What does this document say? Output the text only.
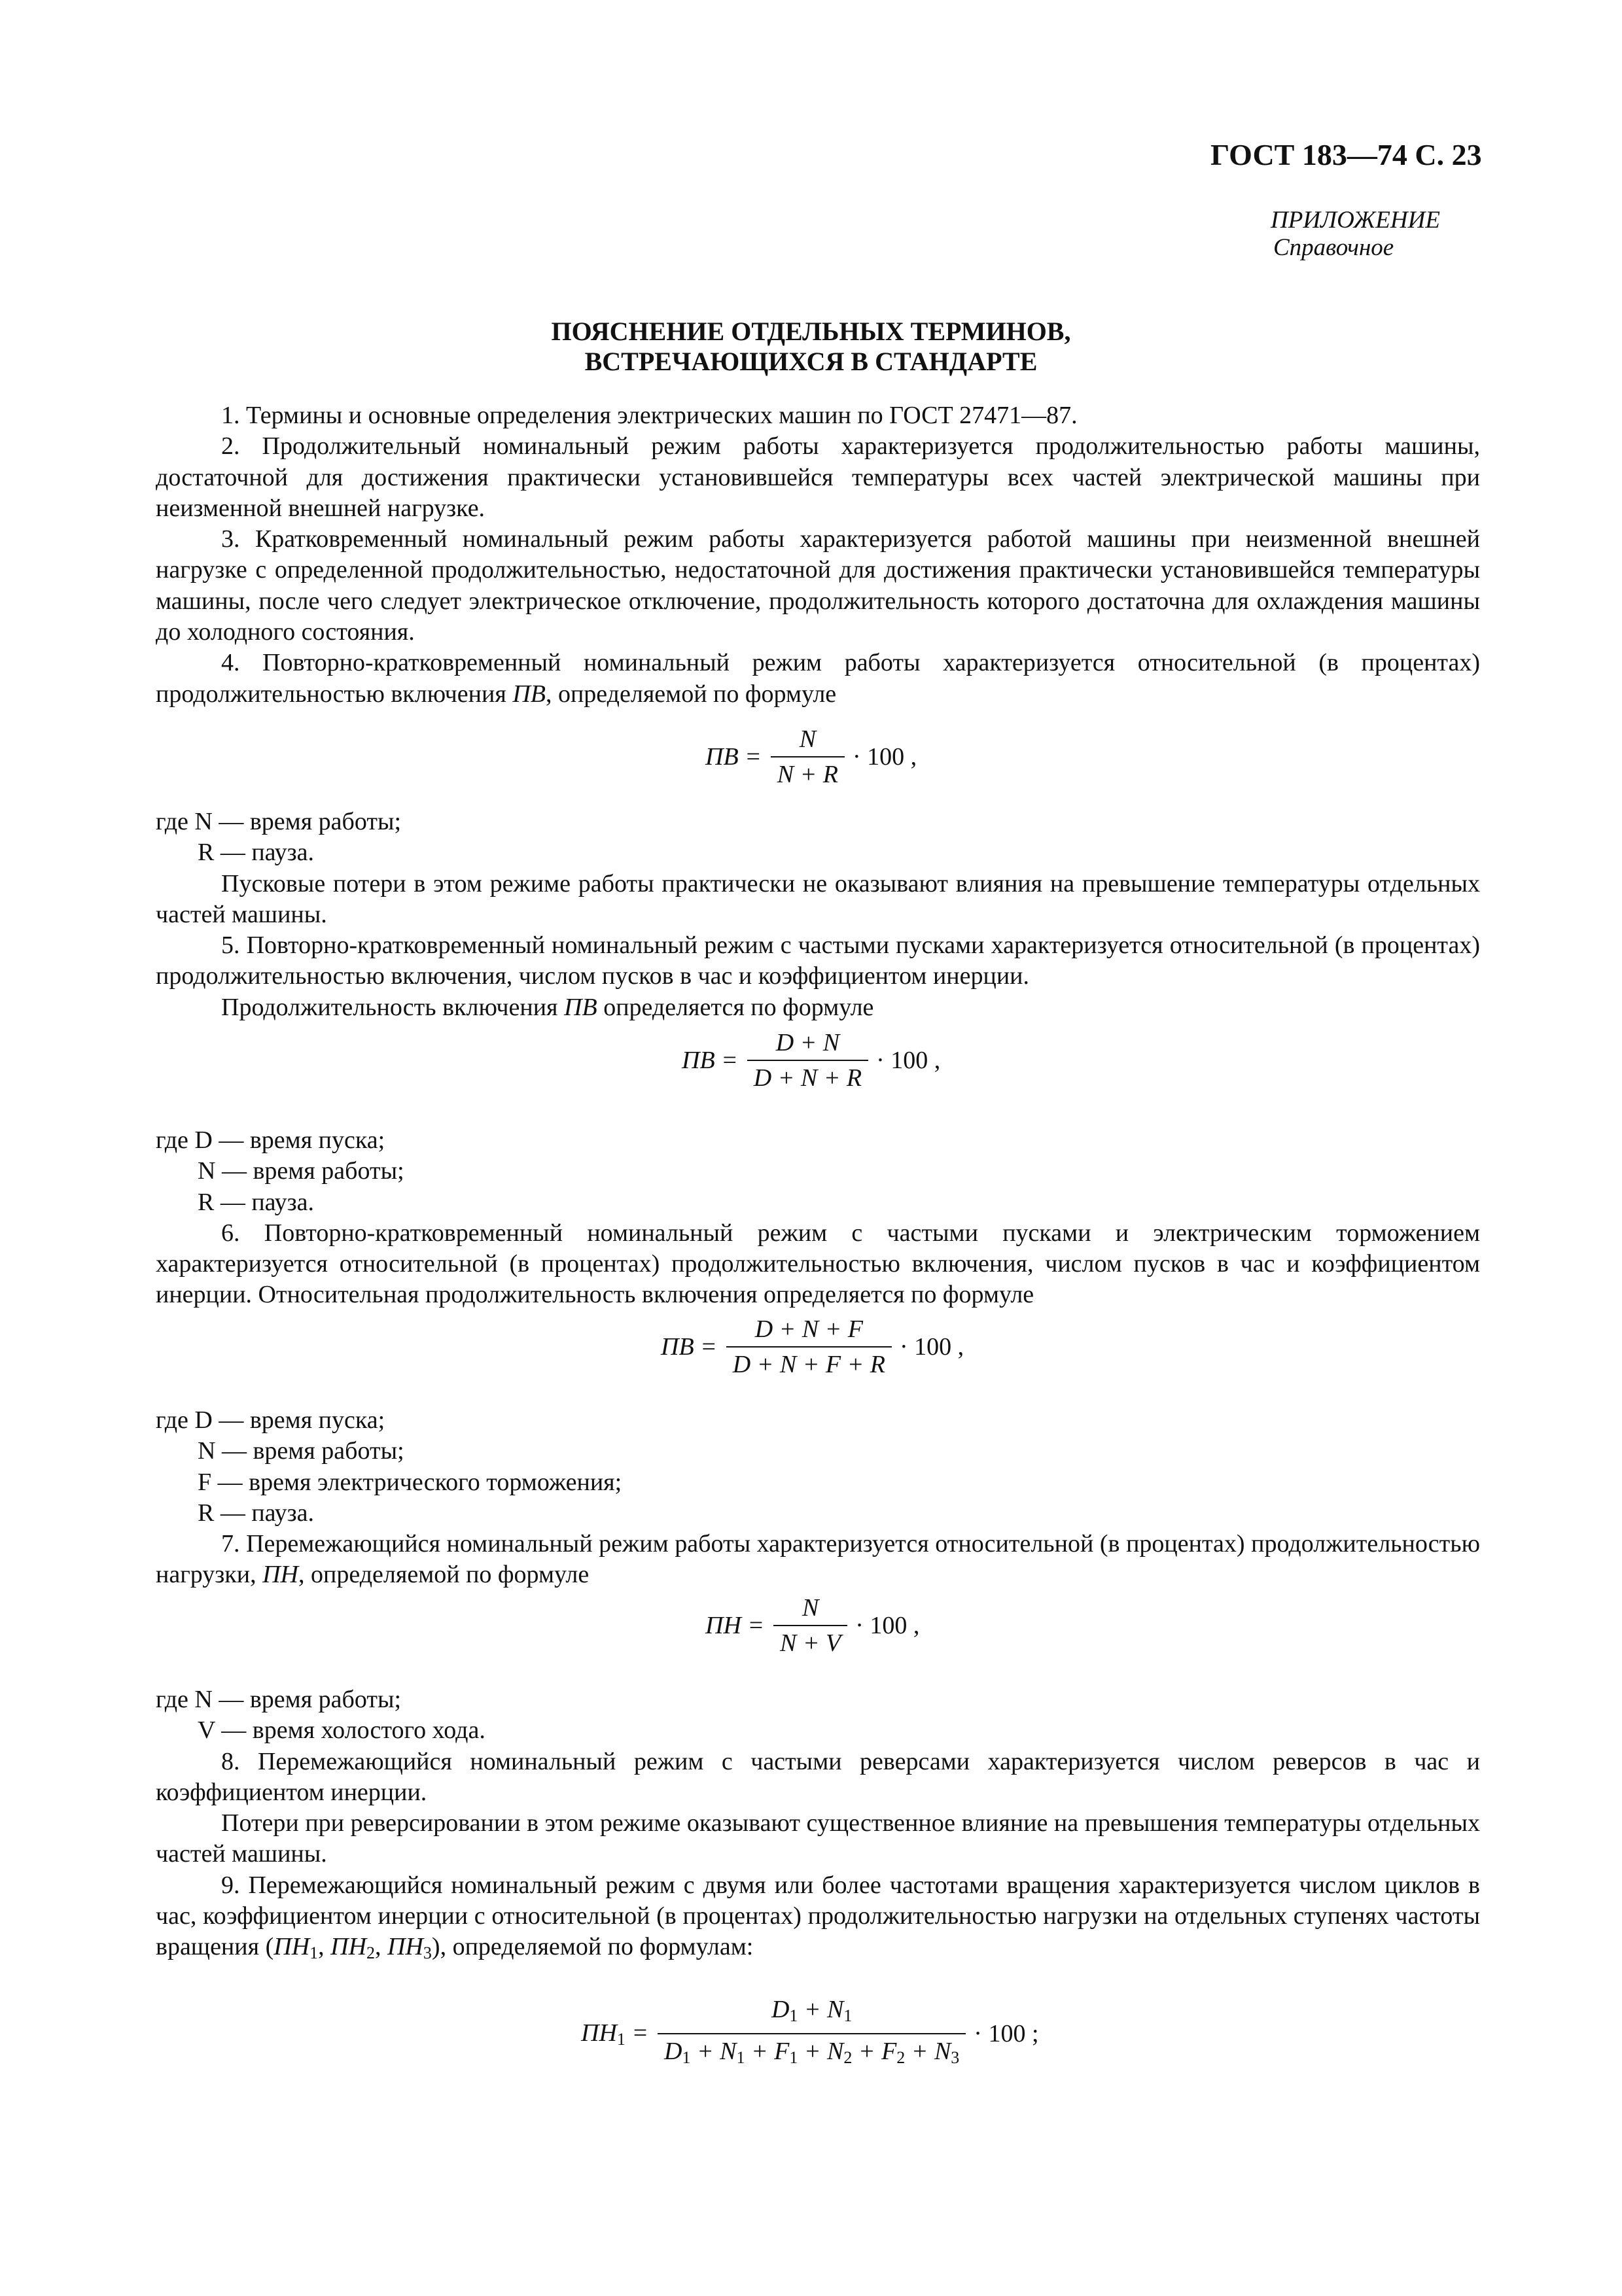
ГОСТ 183—74 С. 23
ПРИЛОЖЕНИЕ
Справочное
ПОЯСНЕНИЕ ОТДЕЛЬНЫХ ТЕРМИНОВ,
ВСТРЕЧАЮЩИХСЯ В СТАНДАРТЕ

1. Термины и основные определения электрических машин по ГОСТ 27471—87.

2. Продолжительный номинальный режим работы характеризуется продолжительностью работы машины, достаточной для достижения практически установившейся температуры всех частей электрической машины при неизменной внешней нагрузке.

3. Кратковременный номинальный режим работы характеризуется работой машины при неизменной внешней нагрузке с определенной продолжительностью, недостаточной для достижения практически установившейся температуры машины, после чего следует электрическое отключение, продолжительность которого достаточна для охлаждения машины до холодного состояния.

4. Повторно-кратковременный номинальный режим работы характеризуется относительной (в процентах) продолжительностью включения ПВ, определяемой по формуле

ПВ = $\frac{N}{N + R} \cdot 100$ ,

где N — время работы;

R — пауза.

Пусковые потери в этом режиме работы практически не оказывают влияния на превышение температуры отдельных частей машины.

5. Повторно-кратковременный номинальный режим с частыми пусками характеризуется относительной (в процентах) продолжительностью включения, числом пусков в час и коэффициентом инерции.

Продолжительность включения ПВ определяется по формуле

ПВ = $\frac{D + N}{D + N + R} \cdot 100$ ,

где D — время пуска;

N — время работы;

R — пауза.

6. Повторно-кратковременный номинальный режим с частыми пусками и электрическим торможением характеризуется относительной (в процентах) продолжительностью включения, числом пусков в час и коэффициентом инерции. Относительная продолжительность включения определяется по формуле

ПВ = $\frac{D + N + F}{D + N + F + R} \cdot 100$ ,

где D — время пуска;

N — время работы;

F — время электрического торможения;

R — пауза.

7. Перемежающийся номинальный режим работы характеризуется относительной (в процентах) продолжительностью нагрузки, ПН, определяемой по формуле

ПН = $\frac{N}{N + V} \cdot 100$ ,

где N — время работы;

V — время холостого хода.

8. Перемежающийся номинальный режим с частыми реверсами характеризуется числом реверсов в час и коэффициентом инерции.

Потери при реверсировании в этом режиме оказывают существенное влияние на превышения температуры отдельных частей машины.

9. Перемежающийся номинальный режим с двумя или более частотами вращения характеризуется числом циклов в час, коэффициентом инерции с относительной (в процентах) продолжительностью нагрузки на отдельных ступенях частоты вращения ($ПН_1$, $ПН_2$, $ПН_3$), определяемой по формулам:

$ПН_1 = \frac{D_1 + N_1}{D_1 + N_1 + F_1 + N_2 + F_2 + N_3} \cdot 100$ ;
